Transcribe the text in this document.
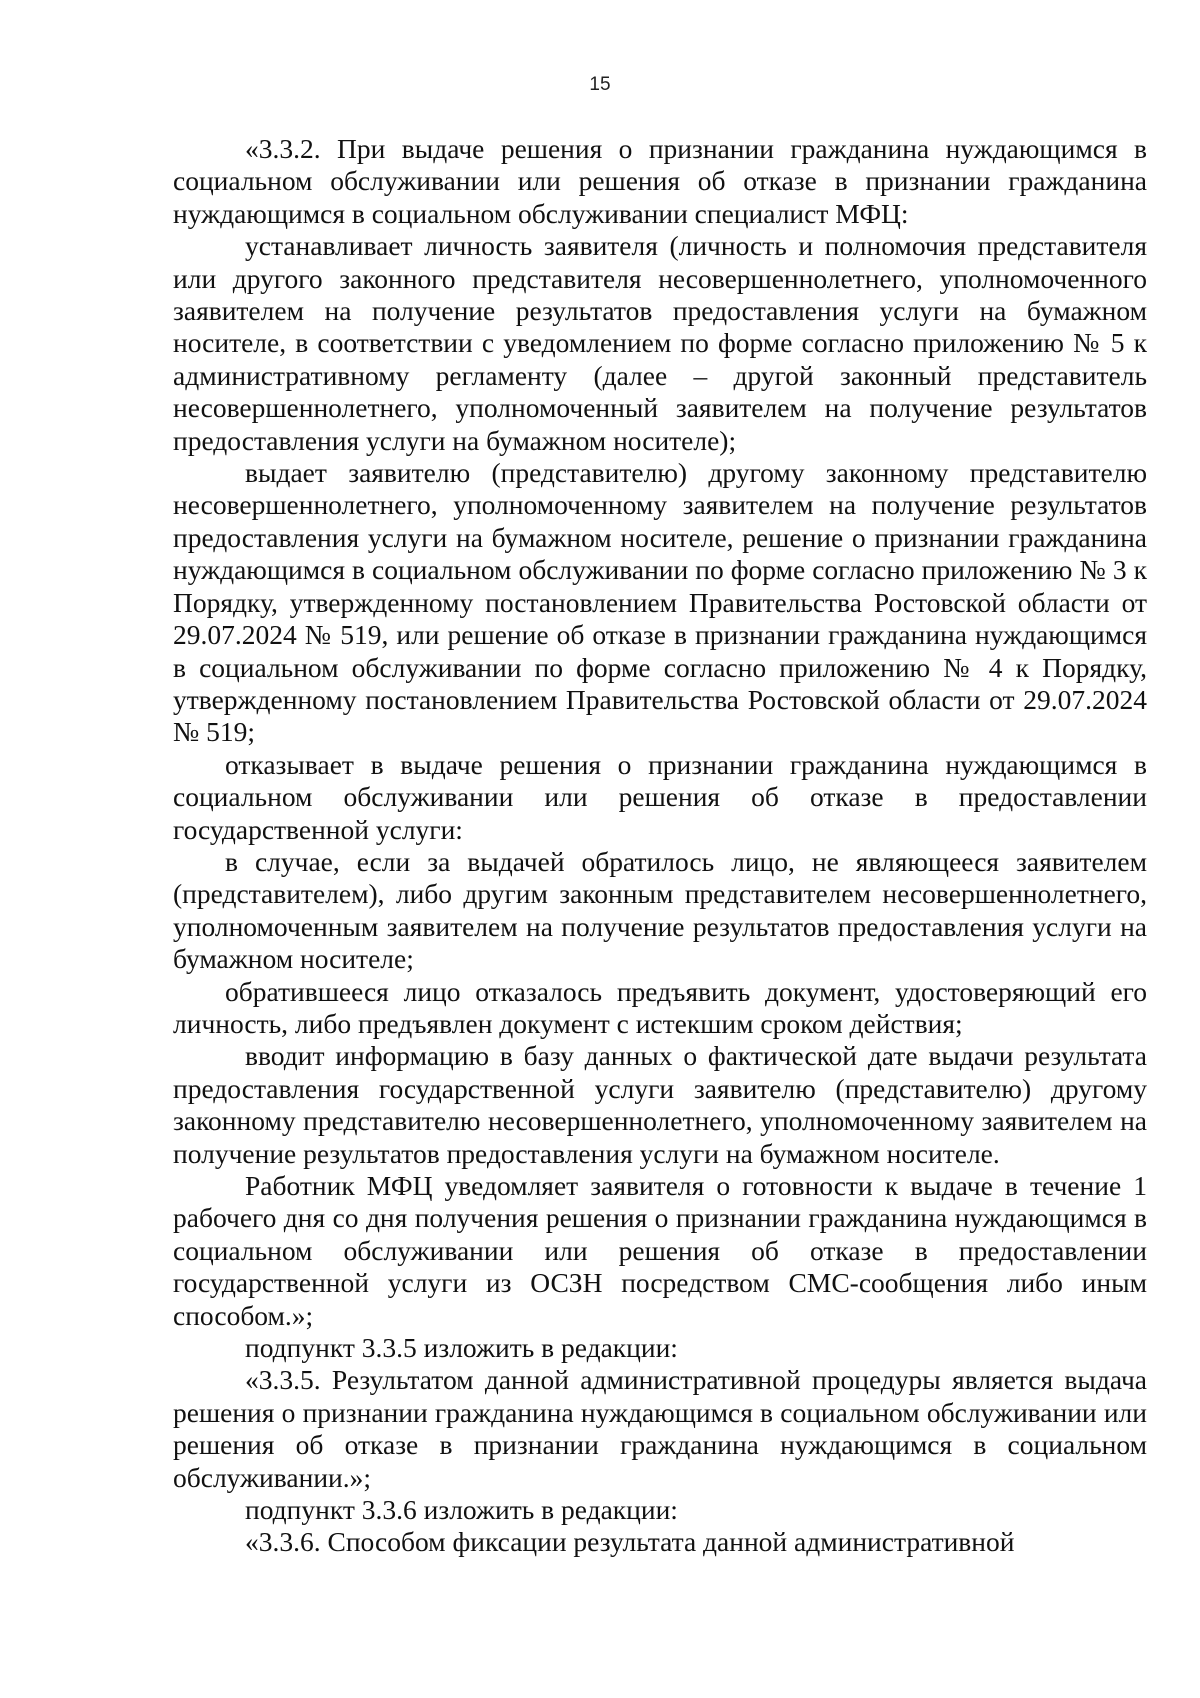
15

«3.3.2. При выдаче решения о признании гражданина нуждающимся в социальном обслуживании или решения об отказе в признании гражданина нуждающимся в социальном обслуживании специалист МФЦ:

устанавливает личность заявителя (личность и полномочия представителя или другого законного представителя несовершеннолетнего, уполномоченного заявителем на получение результатов предоставления услуги на бумажном носителе, в соответствии с уведомлением по форме согласно приложению № 5 к административному регламенту (далее – другой законный представитель несовершеннолетнего, уполномоченный заявителем на получение результатов предоставления услуги на бумажном носителе);

выдает заявителю (представителю) другому законному представителю несовершеннолетнего, уполномоченному заявителем на получение результатов предоставления услуги на бумажном носителе, решение о признании гражданина нуждающимся в социальном обслуживании по форме согласно приложению № 3 к Порядку, утвержденному постановлением Правительства Ростовской области от 29.07.2024 № 519, или решение об отказе в признании гражданина нуждающимся в социальном обслуживании по форме согласно приложению № 4 к Порядку, утвержденному постановлением Правительства Ростовской области от 29.07.2024 № 519;

отказывает в выдаче решения о признании гражданина нуждающимся в социальном обслуживании или решения об отказе в предоставлении государственной услуги:

в случае, если за выдачей обратилось лицо, не являющееся заявителем (представителем), либо другим законным представителем несовершеннолетнего, уполномоченным заявителем на получение результатов предоставления услуги на бумажном носителе;

обратившееся лицо отказалось предъявить документ, удостоверяющий его личность, либо предъявлен документ с истекшим сроком действия;

вводит информацию в базу данных о фактической дате выдачи результата предоставления государственной услуги заявителю (представителю) другому законному представителю несовершеннолетнего, уполномоченному заявителем на получение результатов предоставления услуги на бумажном носителе.

Работник МФЦ уведомляет заявителя о готовности к выдаче в течение 1 рабочего дня со дня получения решения о признании гражданина нуждающимся в социальном обслуживании или решения об отказе в предоставлении государственной услуги из ОСЗН посредством СМС-сообщения либо иным способом.»;

подпункт 3.3.5 изложить в редакции:

«3.3.5. Результатом данной административной процедуры является выдача решения о признании гражданина нуждающимся в социальном обслуживании или решения об отказе в признании гражданина нуждающимся в социальном обслуживании.»;

подпункт 3.3.6 изложить в редакции:

«3.3.6. Способом фиксации результата данной административной
